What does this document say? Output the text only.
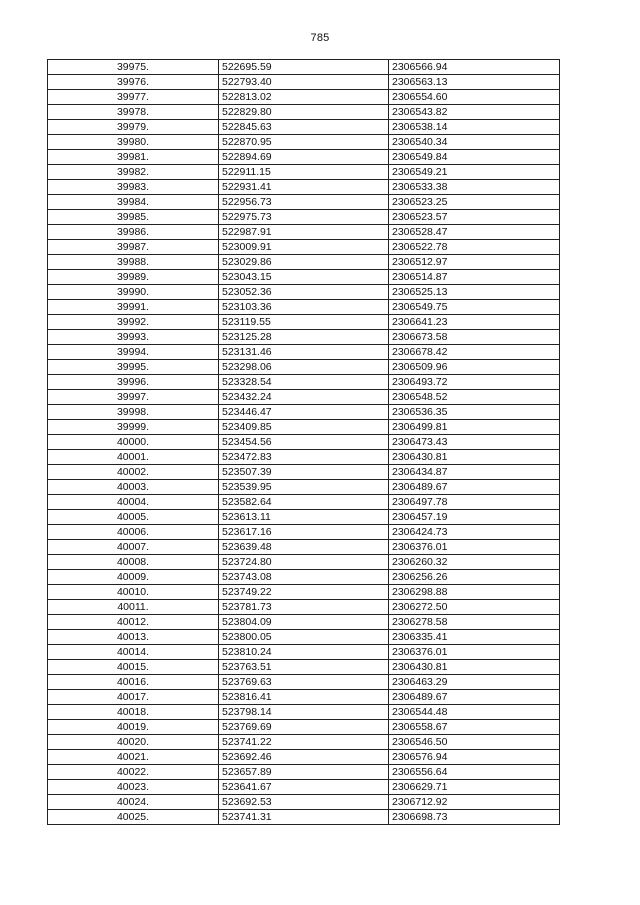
785
39975.	522695.59	2306566.94
39976.	522793.40	2306563.13
39977.	522813.02	2306554.60
39978.	522829.80	2306543.82
39979.	522845.63	2306538.14
39980.	522870.95	2306540.34
39981.	522894.69	2306549.84
39982.	522911.15	2306549.21
39983.	522931.41	2306533.38
39984.	522956.73	2306523.25
39985.	522975.73	2306523.57
39986.	522987.91	2306528.47
39987.	523009.91	2306522.78
39988.	523029.86	2306512.97
39989.	523043.15	2306514.87
39990.	523052.36	2306525.13
39991.	523103.36	2306549.75
39992.	523119.55	2306641.23
39993.	523125.28	2306673.58
39994.	523131.46	2306678.42
39995.	523298.06	2306509.96
39996.	523328.54	2306493.72
39997.	523432.24	2306548.52
39998.	523446.47	2306536.35
39999.	523409.85	2306499.81
40000.	523454.56	2306473.43
40001.	523472.83	2306430.81
40002.	523507.39	2306434.87
40003.	523539.95	2306489.67
40004.	523582.64	2306497.78
40005.	523613.11	2306457.19
40006.	523617.16	2306424.73
40007.	523639.48	2306376.01
40008.	523724.80	2306260.32
40009.	523743.08	2306256.26
40010.	523749.22	2306298.88
40011.	523781.73	2306272.50
40012.	523804.09	2306278.58
40013.	523800.05	2306335.41
40014.	523810.24	2306376.01
40015.	523763.51	2306430.81
40016.	523769.63	2306463.29
40017.	523816.41	2306489.67
40018.	523798.14	2306544.48
40019.	523769.69	2306558.67
40020.	523741.22	2306546.50
40021.	523692.46	2306576.94
40022.	523657.89	2306556.64
40023.	523641.67	2306629.71
40024.	523692.53	2306712.92
40025.	523741.31	2306698.73
